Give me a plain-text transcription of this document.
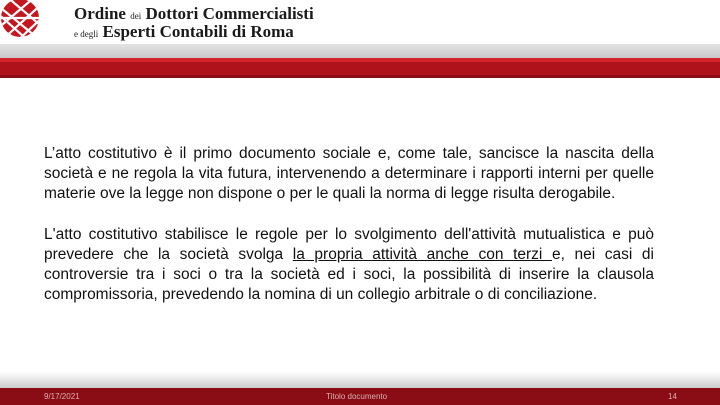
Ordine dei Dottori Commercialisti
e degli Esperti Contabili di Roma

L’atto costitutivo è il primo documento sociale e, come tale, sancisce la nascita della società e ne regola la vita futura, intervenendo a determinare i rapporti interni per quelle materie ove la legge non dispone o per le quali la norma di legge risulta derogabile.

L'atto costitutivo stabilisce le regole per lo svolgimento dell'attività mutualistica e può prevedere che la società svolga la propria attività anche con terzi e, nei casi di controversie tra i soci o tra la società ed i soci, la possibilità di inserire la clausola compromissoria, prevedendo la nomina di un collegio arbitrale o di conciliazione.

9/17/2021	Titolo documento	14
